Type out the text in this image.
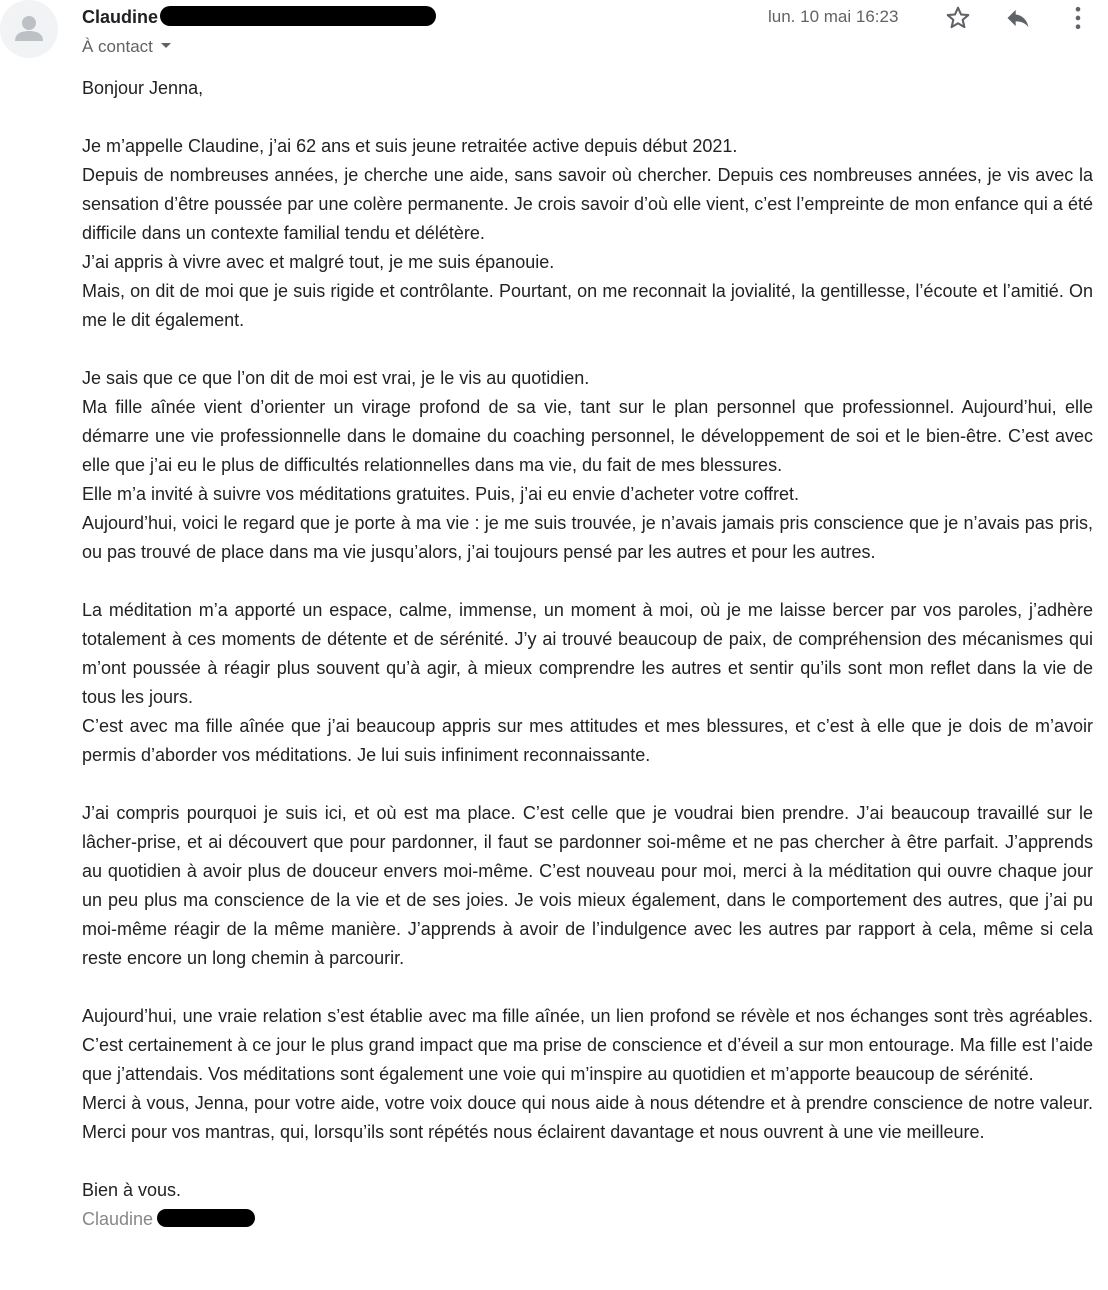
Claudine
À contact
lun. 10 mai 16:23

Bonjour Jenna,

Je m’appelle Claudine, j’ai 62 ans et suis jeune retraitée active depuis début 2021.

Depuis de nombreuses années, je cherche une aide, sans savoir où chercher. Depuis ces nombreuses années, je vis avec la sensation d’être poussée par une colère permanente. Je crois savoir d’où elle vient, c’est l’empreinte de mon enfance qui a été difficile dans un contexte familial tendu et délétère.

J’ai appris à vivre avec et malgré tout, je me suis épanouie.

Mais, on dit de moi que je suis rigide et contrôlante. Pourtant, on me reconnait la jovialité, la gentillesse, l’écoute et l’amitié. On me le dit également.

Je sais que ce que l’on dit de moi est vrai, je le vis au quotidien.

Ma fille aînée vient d’orienter un virage profond de sa vie, tant sur le plan personnel que professionnel. Aujourd’hui, elle démarre une vie professionnelle dans le domaine du coaching personnel, le développement de soi et le bien-être. C’est avec elle que j’ai eu le plus de difficultés relationnelles dans ma vie, du fait de mes blessures.

Elle m’a invité à suivre vos méditations gratuites. Puis, j’ai eu envie d’acheter votre coffret.

Aujourd’hui, voici le regard que je porte à ma vie : je me suis trouvée, je n’avais jamais pris conscience que je n’avais pas pris, ou pas trouvé de place dans ma vie jusqu’alors, j’ai toujours pensé par les autres et pour les autres.

La méditation m’a apporté un espace, calme, immense, un moment à moi, où je me laisse bercer par vos paroles, j’adhère totalement à ces moments de détente et de sérénité. J’y ai trouvé beaucoup de paix, de compréhension des mécanismes qui m’ont poussée à réagir plus souvent qu’à agir, à mieux comprendre les autres et sentir qu’ils sont mon reflet dans la vie de tous les jours.

C’est avec ma fille aînée que j’ai beaucoup appris sur mes attitudes et mes blessures, et c’est à elle que je dois de m’avoir permis d’aborder vos méditations. Je lui suis infiniment reconnaissante.

J’ai compris pourquoi je suis ici, et où est ma place. C’est celle que je voudrai bien prendre. J’ai beaucoup travaillé sur le lâcher-prise, et ai découvert que pour pardonner, il faut se pardonner soi-même et ne pas chercher à être parfait. J’apprends au quotidien à avoir plus de douceur envers moi-même. C’est nouveau pour moi, merci à la méditation qui ouvre chaque jour un peu plus ma conscience de la vie et de ses joies. Je vois mieux également, dans le comportement des autres, que j’ai pu moi-même réagir de la même manière. J’apprends à avoir de l’indulgence avec les autres par rapport à cela, même si cela reste encore un long chemin à parcourir.

Aujourd’hui, une vraie relation s’est établie avec ma fille aînée, un lien profond se révèle et nos échanges sont très agréables. C’est certainement à ce jour le plus grand impact que ma prise de conscience et d’éveil a sur mon entourage. Ma fille est l’aide que j’attendais. Vos méditations sont également une voie qui m’inspire au quotidien et m’apporte beaucoup de sérénité.

Merci à vous, Jenna, pour votre aide, votre voix douce qui nous aide à nous détendre et à prendre conscience de notre valeur. Merci pour vos mantras, qui, lorsqu’ils sont répétés nous éclairent davantage et nous ouvrent à une vie meilleure.

Bien à vous.

Claudine
